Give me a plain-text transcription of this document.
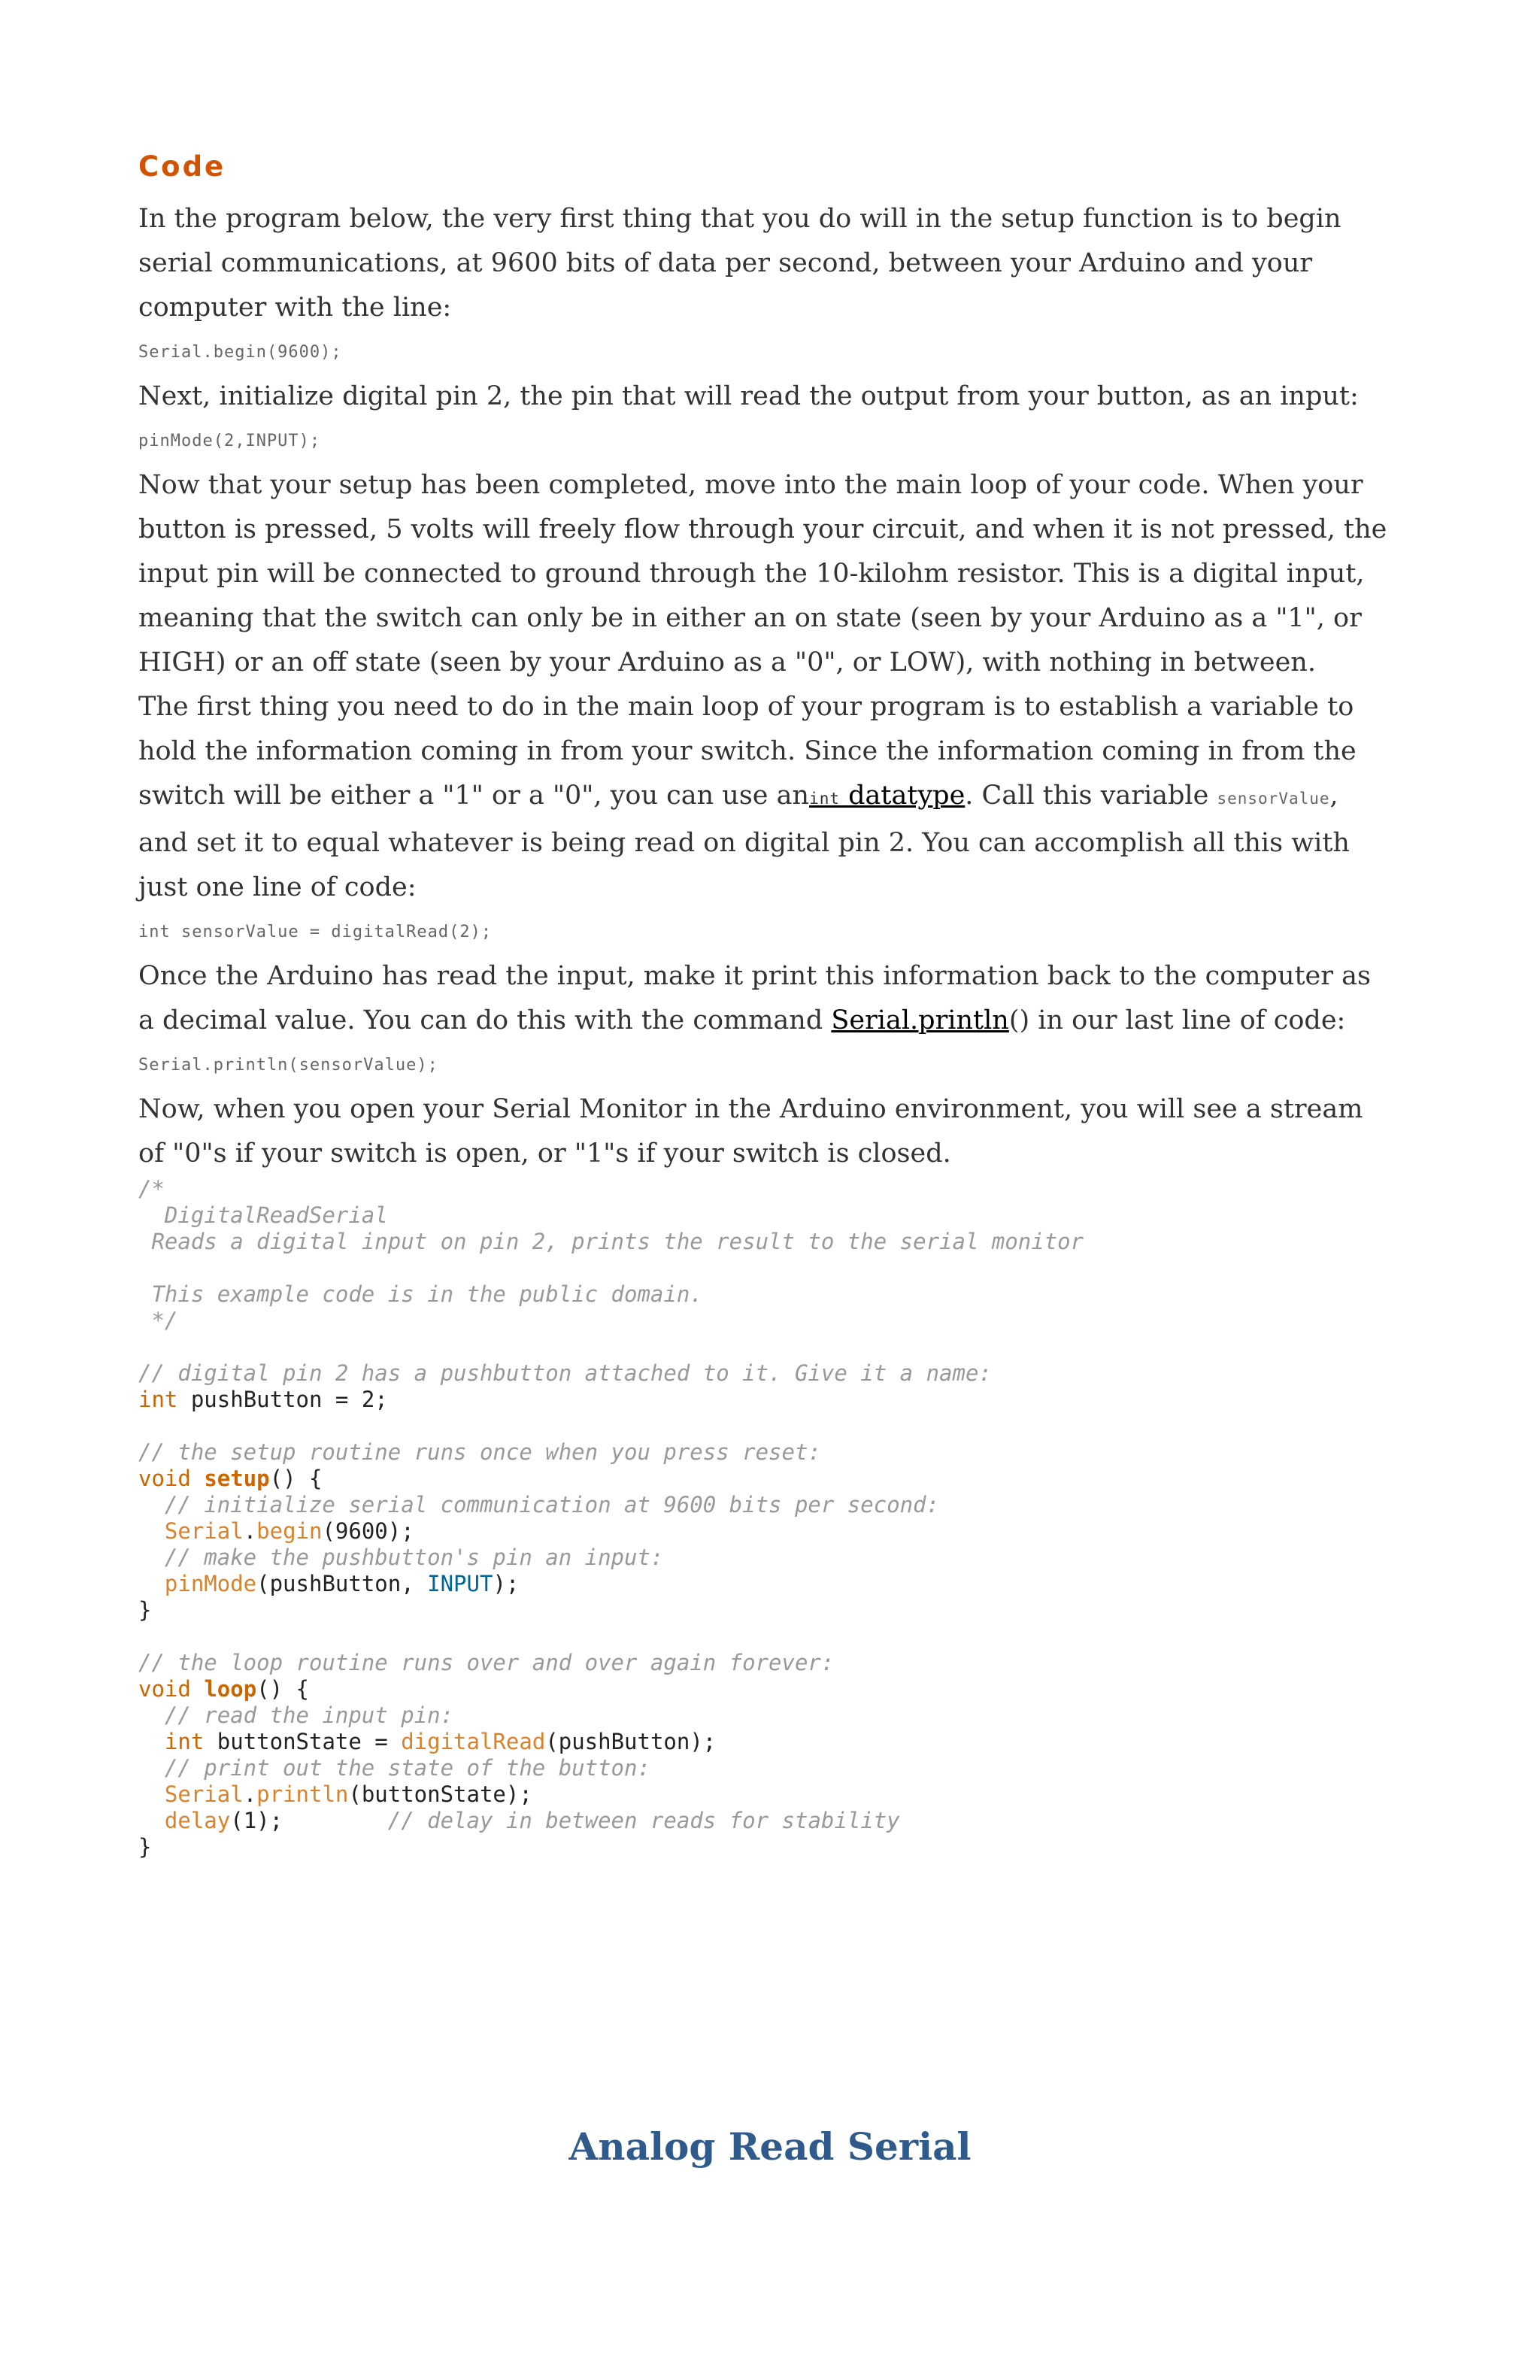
Code

In the program below, the very first thing that you do will in the setup function is to begin serial communications, at 9600 bits of data per second, between your Arduino and your computer with the line:

Serial.begin(9600);

Next, initialize digital pin 2, the pin that will read the output from your button, as an input:

pinMode(2,INPUT);

Now that your setup has been completed, move into the main loop of your code. When your button is pressed, 5 volts will freely flow through your circuit, and when it is not pressed, the input pin will be connected to ground through the 10-kilohm resistor. This is a digital input, meaning that the switch can only be in either an on state (seen by your Arduino as a "1", or HIGH) or an off state (seen by your Arduino as a "0", or LOW), with nothing in between.

The first thing you need to do in the main loop of your program is to establish a variable to hold the information coming in from your switch. Since the information coming in from the switch will be either a "1" or a "0", you can use anint datatype. Call this variable sensorValue, and set it to equal whatever is being read on digital pin 2. You can accomplish all this with just one line of code:

int sensorValue = digitalRead(2);

Once the Arduino has read the input, make it print this information back to the computer as a decimal value. You can do this with the command Serial.println() in our last line of code:

Serial.println(sensorValue);

Now, when you open your Serial Monitor in the Arduino environment, you will see a stream of "0"s if your switch is open, or "1"s if your switch is closed.

/*
DigitalReadSerial
Reads a digital input on pin 2, prints the result to the serial monitor
This example code is in the public domain.
*/
// digital pin 2 has a pushbutton attached to it. Give it a name:
int pushButton = 2;
// the setup routine runs once when you press reset:
void setup() {
// initialize serial communication at 9600 bits per second:
Serial.begin(9600);
// make the pushbutton's pin an input:
pinMode(pushButton, INPUT);
}
// the loop routine runs over and over again forever:
void loop() {
// read the input pin:
int buttonState = digitalRead(pushButton);
// print out the state of the button:
Serial.println(buttonState);
delay(1);        // delay in between reads for stability
}
Analog Read Serial
